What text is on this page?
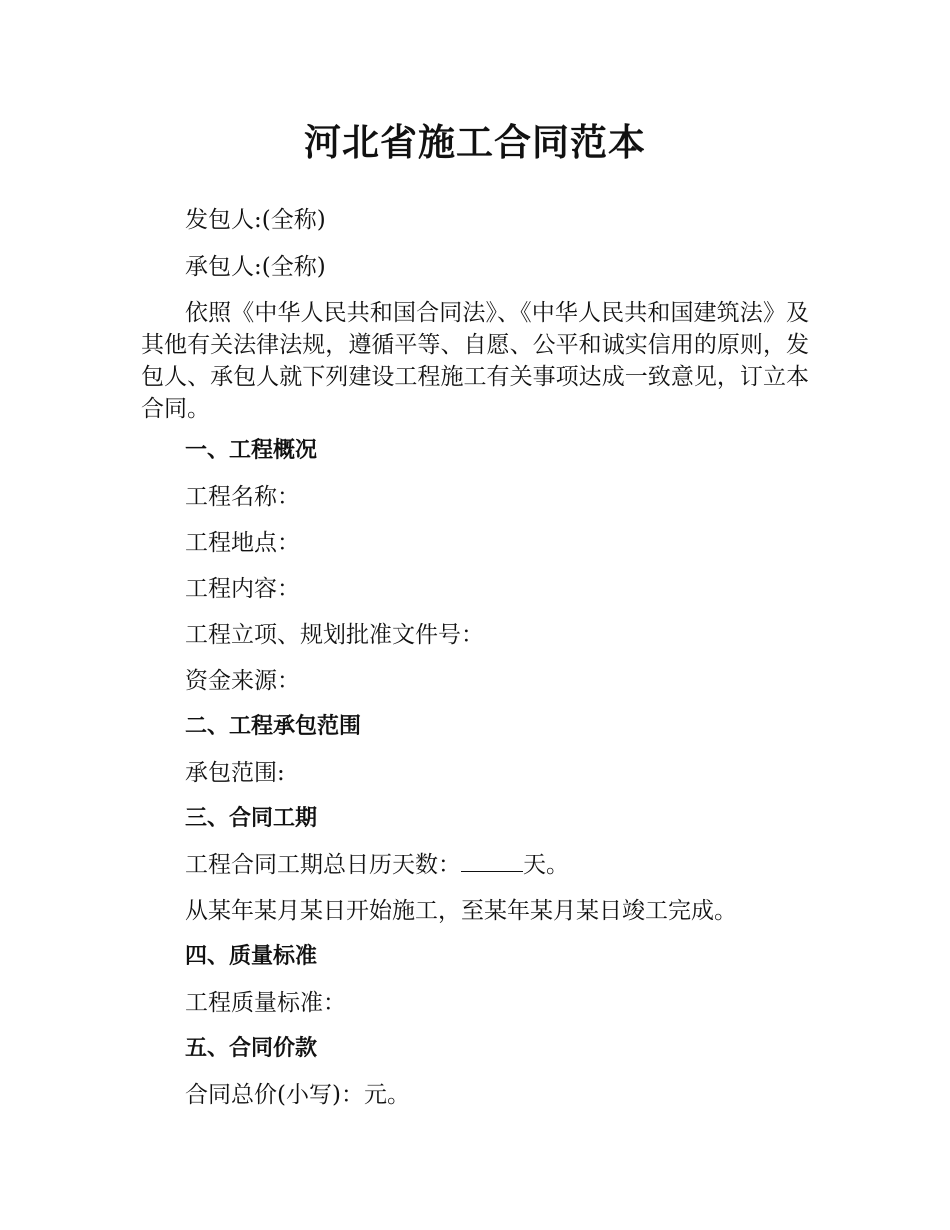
河北省施工合同范本

发包人:(全称)

承包人:(全称)

依照《中华人民共和国合同法》、《中华人民共和国建筑法》及其他有关法律法规，遵循平等、自愿、公平和诚实信用的原则，发包人、承包人就下列建设工程施工有关事项达成一致意见，订立本合同。

一、工程概况

工程名称：

工程地点：

工程内容：

工程立项、规划批准文件号：

资金来源：

二、工程承包范围

承包范围:

三、合同工期

工程合同工期总日历天数：	天。

从某年某月某日开始施工，至某年某月某日竣工完成。

四、质量标准

工程质量标准：

五、合同价款

合同总价(小写)：元。
